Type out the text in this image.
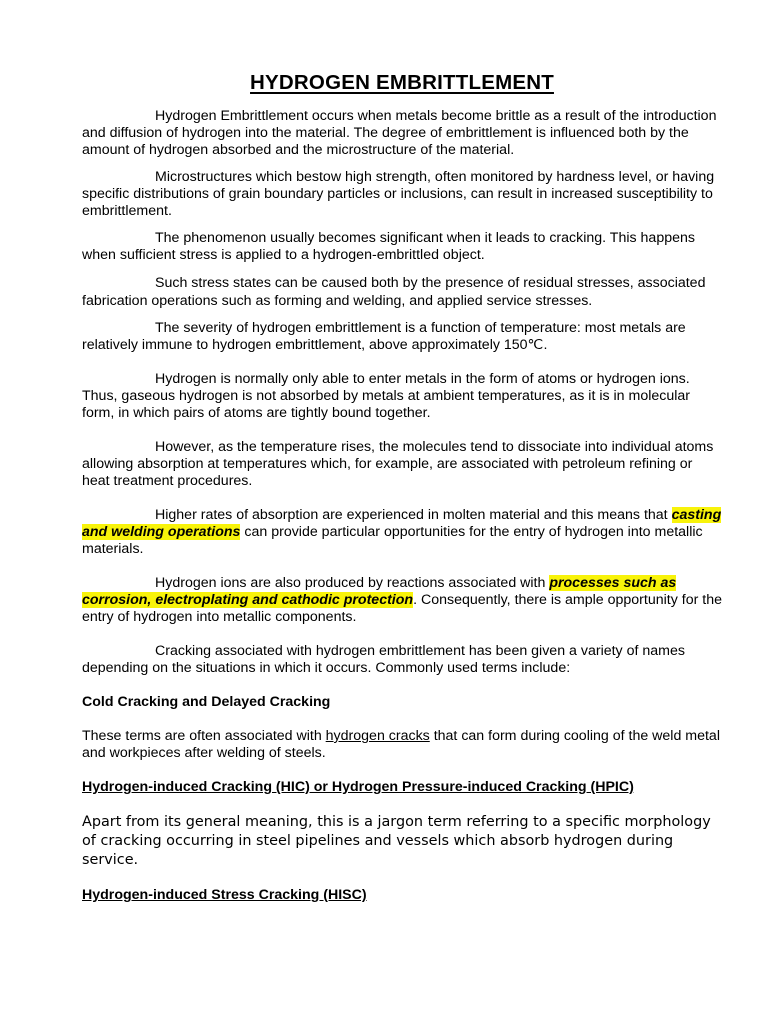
HYDROGEN EMBRITTLEMENT

Hydrogen Embrittlement occurs when metals become brittle as a result of the introduction and diffusion of hydrogen into the material. The degree of embrittlement is influenced both by the amount of hydrogen absorbed and the microstructure of the material.

Microstructures which bestow high strength, often monitored by hardness level, or having specific distributions of grain boundary particles or inclusions, can result in increased susceptibility to embrittlement.

The phenomenon usually becomes significant when it leads to cracking. This happens when sufficient stress is applied to a hydrogen-embrittled object.

Such stress states can be caused both by the presence of residual stresses, associated fabrication operations such as forming and welding, and applied service stresses.

The severity of hydrogen embrittlement is a function of temperature: most metals are relatively immune to hydrogen embrittlement, above approximately 150℃.

Hydrogen is normally only able to enter metals in the form of atoms or hydrogen ions. Thus, gaseous hydrogen is not absorbed by metals at ambient temperatures, as it is in molecular form, in which pairs of atoms are tightly bound together.

However, as the temperature rises, the molecules tend to dissociate into individual atoms allowing absorption at temperatures which, for example, are associated with petroleum refining or heat treatment procedures.

Higher rates of absorption are experienced in molten material and this means that casting and welding operations can provide particular opportunities for the entry of hydrogen into metallic materials.

Hydrogen ions are also produced by reactions associated with processes such as corrosion, electroplating and cathodic protection. Consequently, there is ample opportunity for the entry of hydrogen into metallic components.

Cracking associated with hydrogen embrittlement has been given a variety of names depending on the situations in which it occurs. Commonly used terms include:

Cold Cracking and Delayed Cracking

These terms are often associated with hydrogen cracks that can form during cooling of the weld metal and workpieces after welding of steels.

Hydrogen-induced Cracking (HIC) or Hydrogen Pressure-induced Cracking (HPIC)

Apart from its general meaning, this is a jargon term referring to a specific morphology of cracking occurring in steel pipelines and vessels which absorb hydrogen during service.

Hydrogen-induced Stress Cracking (HISC)
